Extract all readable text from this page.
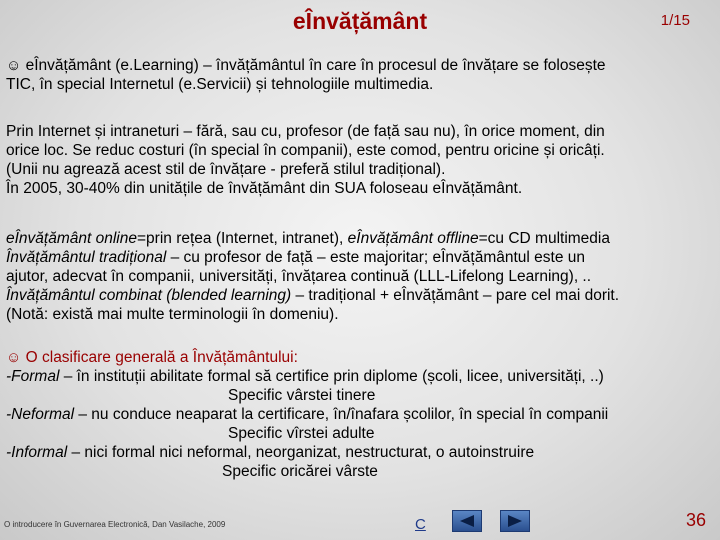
eÎnvățământ	1/15

☺ eÎnvățământ (e.Learning) – învățământul în care în procesul de învățare se folosește

TIC, în special Internetul (e.Servicii) și tehnologiile multimedia.

Prin Internet și intraneturi – fără, sau cu, profesor (de față sau nu), în orice moment, din

orice loc. Se reduc costuri (în special în companii), este comod, pentru oricine și oricâți.

(Unii nu agrează acest stil de învățare - preferă stilul tradițional).

În 2005, 30-40% din unitățile de învățământ din SUA foloseau eÎnvățământ.

eÎnvățământ online=prin rețea (Internet, intranet), eÎnvățământ offline=cu CD multimedia

Învățământul tradițional – cu profesor de față – este majoritar; eÎnvățământul este un

ajutor, adecvat în companii, universități, învățarea continuă (LLL-Lifelong Learning), ..

Învățământul combinat (blended learning) – tradițional + eÎnvățământ – pare cel mai dorit.

(Notă: există mai multe terminologii în domeniu).

☺ O clasificare generală a Învățământului:

-Formal – în instituții abilitate formal să certifice prin diplome (școli, licee, universități, ..)

Specific vârstei tinere

-Neformal – nu conduce neaparat la certificare, în/înafara școlilor, în special în companii

Specific vîrstei adulte

-Informal – nici formal nici neformal, neorganizat, nestructurat, o autoinstruire

Specific oricărei vârste

O introducere în Guvernarea Electronică, Dan Vasilache, 2009	C	36
